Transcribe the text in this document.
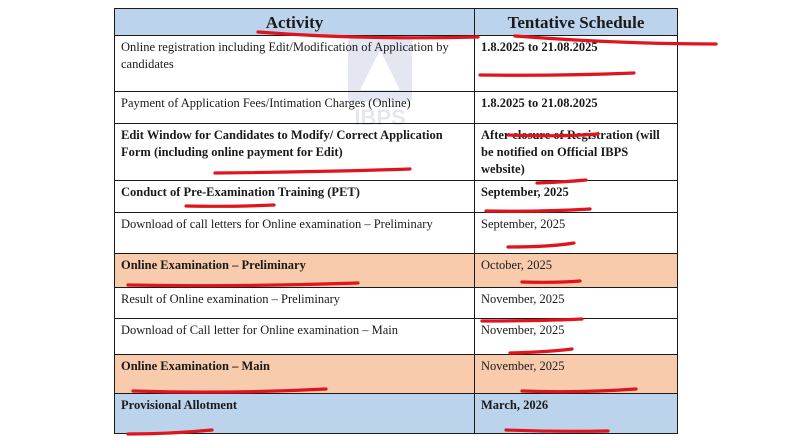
IBPS
Activity	Tentative Schedule
Online registration including Edit/Modification of Application by candidates	1.8.2025 to 21.08.2025
Payment of Application Fees/Intimation Charges (Online)	1.8.2025 to 21.08.2025
Edit Window for Candidates to Modify/ Correct Application Form (including online payment for Edit)	After closure of Registration (will be notified on Official IBPS website)
Conduct of Pre-Examination Training (PET)	September, 2025
Download of call letters for Online examination – Preliminary	September, 2025
Online Examination – Preliminary	October, 2025
Result of Online examination – Preliminary	November, 2025
Download of Call letter for Online examination – Main	November, 2025
Online Examination – Main	November, 2025
Provisional Allotment	March, 2026
